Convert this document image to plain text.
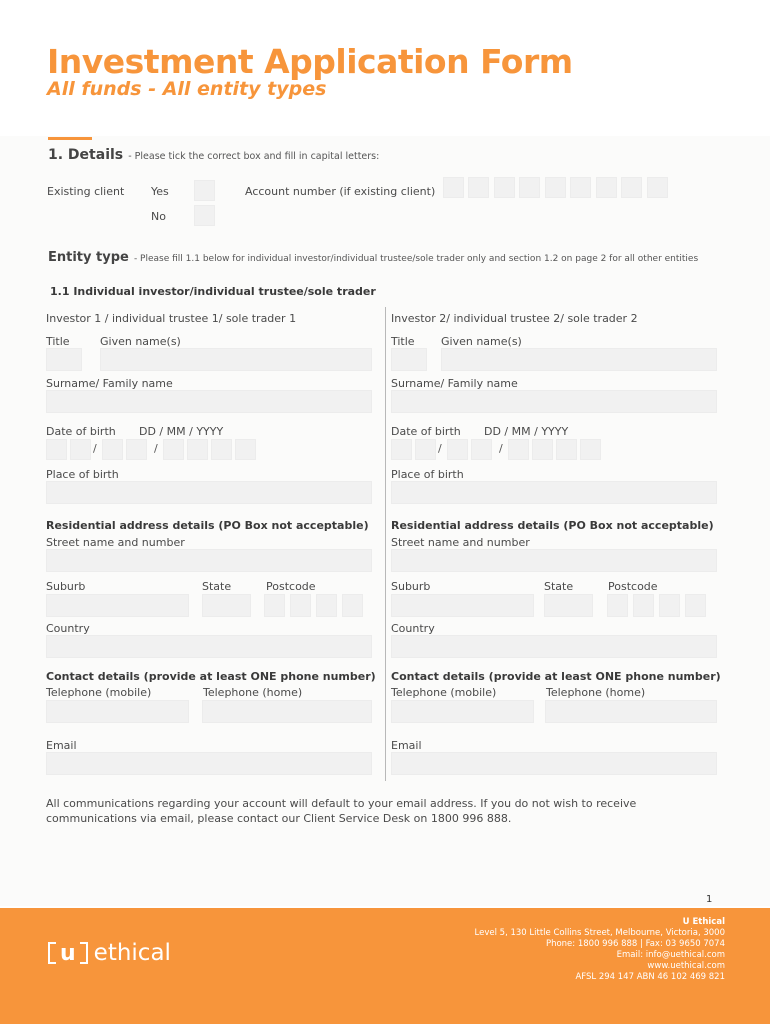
Investment Application Form
All funds - All entity types
1. Details - Please tick the correct box and fill in capital letters:
Existing client Yes
No
Account number (if existing client)
Entity type - Please fill 1.1 below for individual investor/individual trustee/sole trader only and section 1.2 on page 2 for all other entities
1.1 Individual investor/individual trustee/sole trader
Investor 1 / individual trustee 1/ sole trader 1
Title	Given name(s)
Surname/ Family name
Date of birth DD / MM / YYYY
/	/
Place of birth
Residential address details (PO Box not acceptable)
Street name and number
Suburb	State	Postcode
Country
Contact details (provide at least ONE phone number)
Telephone (mobile)	Telephone (home)
Email
Investor 2/ individual trustee 2/ sole trader 2
Title Given name(s)
Surname/ Family name
Date of birth DD / MM / YYYY
/	/
Place of birth
Residential address details (PO Box not acceptable)
Street name and number
Suburb	State	Postcode
Country
Contact details (provide at least ONE phone number)
Telephone (mobile)	Telephone (home)
Email
All communications regarding your account will default to your email address. If you do not wish to receive communications via email, please contact our Client Service Desk on 1800 996 888.
1
u ethical
U Ethical
Level 5, 130 Little Collins Street, Melbourne, Victoria, 3000
Phone: 1800 996 888 | Fax: 03 9650 7074
Email: info@uethical.com
www.uethical.com
AFSL 294 147 ABN 46 102 469 821
